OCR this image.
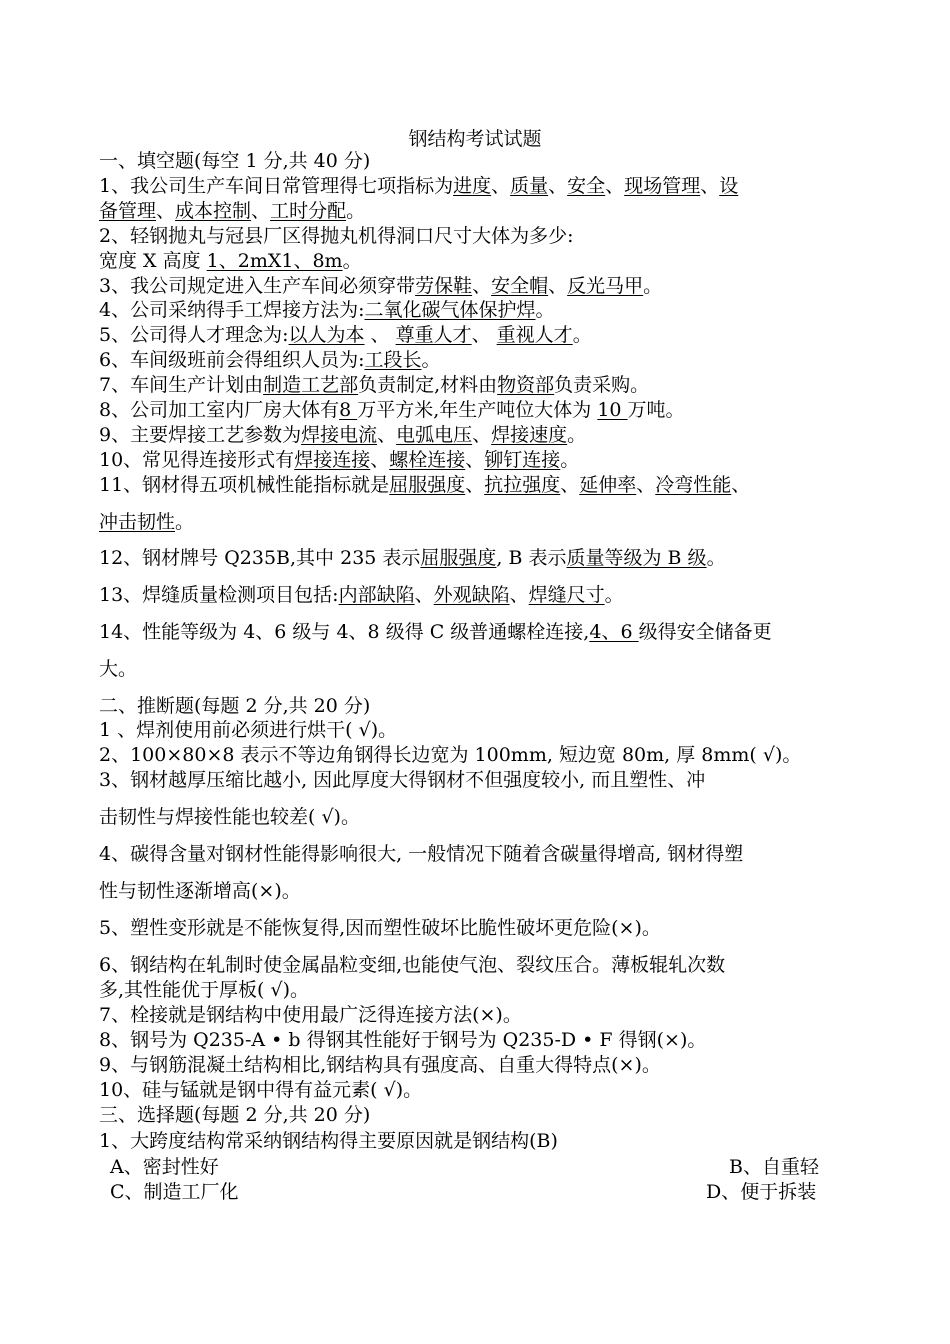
钢结构考试试题
一、填空题(每空 1 分,共 40 分)
1、我公司生产车间日常管理得七项指标为进度、质量、安全、现场管理、设
备管理、成本控制、工时分配。
2、轻钢抛丸与冠县厂区得抛丸机得洞口尺寸大体为多少:
宽度 X 高度 1、2mX1、8m。
3、我公司规定进入生产车间必须穿带劳保鞋、安全帽、反光马甲。
4、公司采纳得手工焊接方法为:二氧化碳气体保护焊。
5、公司得人才理念为:以人为本 、 尊重人才、 重视人才。
6、车间级班前会得组织人员为:工段长。
7、车间生产计划由制造工艺部负责制定,材料由物资部负责采购。
8、公司加工室内厂房大体有8 万平方米,年生产吨位大体为 10 万吨。
9、主要焊接工艺参数为焊接电流、电弧电压、焊接速度。
10、常见得连接形式有焊接连接、螺栓连接、铆钉连接。
11、钢材得五项机械性能指标就是屈服强度、抗拉强度、延伸率、冷弯性能、
冲击韧性。
12、钢材牌号 Q235B,其中 235 表示屈服强度, B 表示质量等级为 B 级。
13、焊缝质量检测项目包括:内部缺陷、外观缺陷、焊缝尺寸。
14、性能等级为 4、6 级与 4、8 级得 C 级普通螺栓连接,4、6 级得安全储备更
大。
二、推断题(每题 2 分,共 20 分)
1 、焊剂使用前必须进行烘干( √)。
2、100×80×8 表示不等边角钢得长边宽为 100mm, 短边宽 80m, 厚 8mm( √)。
3、钢材越厚压缩比越小, 因此厚度大得钢材不但强度较小, 而且塑性、冲
击韧性与焊接性能也较差( √)。
4、碳得含量对钢材性能得影响很大, 一般情况下随着含碳量得增高, 钢材得塑
性与韧性逐渐增高(×)。
5、塑性变形就是不能恢复得,因而塑性破坏比脆性破坏更危险(×)。
6、钢结构在轧制时使金属晶粒变细,也能使气泡、裂纹压合。薄板辊轧次数
多,其性能优于厚板( √)。
7、栓接就是钢结构中使用最广泛得连接方法(×)。
8、钢号为 Q235-A • b 得钢其性能好于钢号为 Q235-D • F 得钢(×)。
9、与钢筋混凝土结构相比,钢结构具有强度高、自重大得特点(×)。
10、硅与锰就是钢中得有益元素( √)。
三、选择题(每题 2 分,共 20 分)
1、大跨度结构常采纳钢结构得主要原因就是钢结构(B)
A、密封性好	B、自重轻
C、制造工厂化	D、便于拆装
